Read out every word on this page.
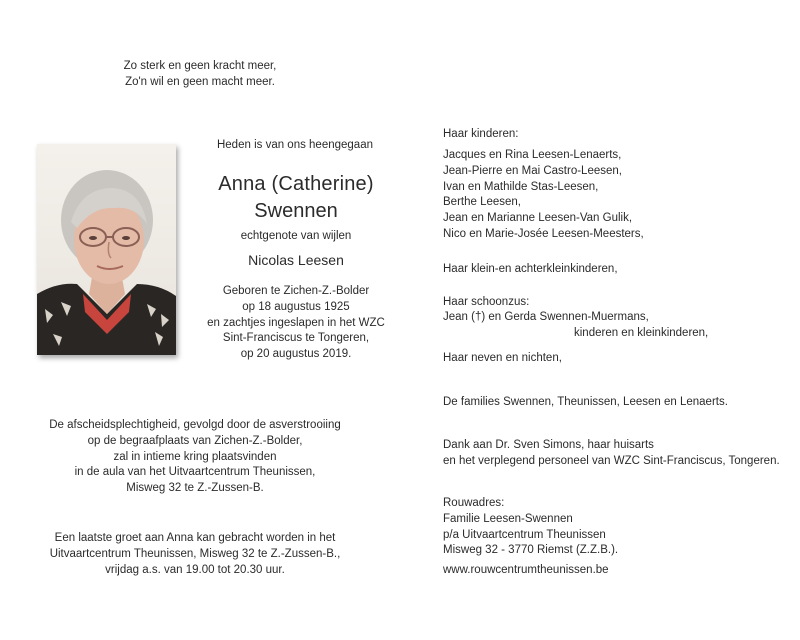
Zo sterk en geen kracht meer,
Zo'n wil en geen macht meer.
Heden is van ons heengegaan
Anna (Catherine)
Swennen
echtgenote van wijlen
Nicolas Leesen
Geboren te Zichen-Z.-Bolder
op 18 augustus 1925
en zachtjes ingeslapen in het WZC
Sint-Franciscus te Tongeren,
op 20 augustus 2019.
De afscheidsplechtigheid, gevolgd door de asverstrooiing
op de begraafplaats van Zichen-Z.-Bolder,
zal in intieme kring plaatsvinden
in de aula van het Uitvaartcentrum Theunissen,
Misweg 32 te Z.-Zussen-B.
Een laatste groet aan Anna kan gebracht worden in het
Uitvaartcentrum Theunissen, Misweg 32 te Z.-Zussen-B.,
vrijdag a.s. van 19.00 tot 20.30 uur.
Haar kinderen:
Jacques en Rina Leesen-Lenaerts,
Jean-Pierre en Mai Castro-Leesen,
Ivan en Mathilde Stas-Leesen,
Berthe Leesen,
Jean en Marianne Leesen-Van Gulik,
Nico en Marie-Josée Leesen-Meesters,
Haar klein-en achterkleinkinderen,
Haar schoonzus:
Jean (†) en Gerda Swennen-Muermans,
kinderen en kleinkinderen,
Haar neven en nichten,
De families Swennen, Theunissen, Leesen en Lenaerts.
Dank aan Dr. Sven Simons, haar huisarts
en het verplegend personeel van WZC Sint-Franciscus, Tongeren.
Rouwadres:
Familie Leesen-Swennen
p/a Uitvaartcentrum Theunissen
Misweg 32 - 3770 Riemst (Z.Z.B.).
www.rouwcentrumtheunissen.be
